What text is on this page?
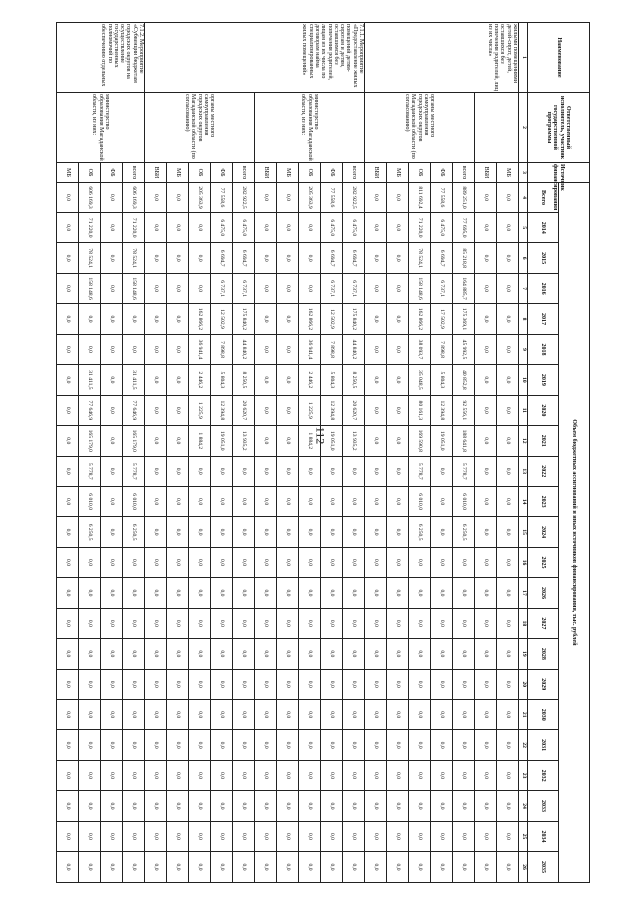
112
Наименование	Ответственный исполнитель, участник государственной программы	Источник финансирования	Объем бюджетных ассигнований и иных источников финансирования, тыс. рублей																						
			Всего	2014	2015	2016	2017	2018	2019	2020	2021	2022	2023	2024	2025	2026	2027	2028	2029	2030	2031	2032	2033	2034	2035
1	2	3	4	5	6	7	8	9	10	11	12	13	14	15	16	17	18	19	20	21	22	23	24	25	26
жилыми помещениями детей-сирот, детей, оставшихся без попечения родителей, лиц из их числа»		МБ	0,0	0,0	0,0	0,0	0,0	0,0	0,0	0,0	0,0	0,0	0,0	0,0	0,0	0,0	0,0	0,0	0,0	0,0	0,0	0,0	0,0	0,0	0,0
		ВБИ	0,0	0,0	0,0	0,0	0,0	0,0	0,0	0,0	0,0	0,0	0,0	0,0	0,0	0,0	0,0	0,0	0,0	0,0	0,0	0,0	0,0	0,0	0,0
	органы местного самоуправления городских округов Магаданской области (по согласованию)	всего	889 251,0	77 695,0	85 218,8	164 885,7	175 369,1	45 992,5	40 852,8	92 556,1	188 641,8	5 778,7	6 010,0	6 250,5	0,0	0,0	0,0	0,0	0,0	0,0	0,0	0,0	0,0	0,0	0,0
		ФБ	77 558,6	6 475,0	6 694,7	6 737,1	17 502,9	7 898,8	5 804,3	12 394,8	19 051,0	0,0	0,0	0,0	0,0	0,0	0,0	0,0	0,0	0,0	0,0	0,0	0,0	0,0	0,0
		ОБ	811 692,4	71 220,0	78 524,1	158 148,6	162 866,2	38 093,7	35 048,5	80 161,3	169 590,8	5 778,7	6 010,0	6 250,5	0,0	0,0	0,0	0,0	0,0	0,0	0,0	0,0	0,0	0,0	0,0
		МБ	0,0	0,0	0,0	0,0	0,0	0,0	0,0	0,0	0,0	0,0	0,0	0,0	0,0	0,0	0,0	0,0	0,0	0,0	0,0	0,0	0,0	0,0	0,0
		ВБИ	0,0	0,0	0,0	0,0	0,0	0,0	0,0	0,0	0,0	0,0	0,0	0,0	0,0	0,0	0,0	0,0	0,0	0,0	0,0	0,0	0,0	0,0	0,0
7.1.1. Мероприятие «Предоставление жилых помещений детям-сиротам и детям, оставшимся без попечения родителей, лицам из их числа по договорам найма специализированных жилых помещений»	министерство образования Магаданской области, из них:	всего	282 922,5	6 475,0	6 694,7	6 737,1	175 840,2	44 840,2	8 250,5	20 620,7	13 935,2	0,0	0,0	0,0	0,0	0,0	0,0	0,0	0,0	0,0	0,0	0,0	0,0	0,0	0,0
		ФБ	77 558,6	6 475,0	6 694,7	6 737,1	12 502,9	7 898,8	5 804,3	12 394,8	19 051,0	0,0	0,0	0,0	0,0	0,0	0,0	0,0	0,0	0,0	0,0	0,0	0,0	0,0	0,0
		ОБ	205 363,9	0,0	0,0	0,0	162 866,2	36 941,4	2 446,2	1 225,9	1 884,2	0,0	0,0	0,0	0,0	0,0	0,0	0,0	0,0	0,0	0,0	0,0	0,0	0,0	0,0
		МБ	0,0	0,0	0,0	0,0	0,0	0,0	0,0	0,0	0,0	0,0	0,0	0,0	0,0	0,0	0,0	0,0	0,0	0,0	0,0	0,0	0,0	0,0	0,0
		ВБИ	0,0	0,0	0,0	0,0	0,0	0,0	0,0	0,0	0,0	0,0	0,0	0,0	0,0	0,0	0,0	0,0	0,0	0,0	0,0	0,0	0,0	0,0	0,0
	органы местного самоуправления городских округов Магаданской области (по согласованию)	всего	282 922,5	6 475,0	6 694,7	6 737,1	175 840,2	44 840,2	8 250,5	20 620,7	13 935,2	0,0	0,0	0,0	0,0	0,0	0,0	0,0	0,0	0,0	0,0	0,0	0,0	0,0	0,0
		ФБ	77 558,6	6 475,0	6 694,7	6 737,1	12 502,9	7 898,8	5 804,3	12 394,8	19 051,0	0,0	0,0	0,0	0,0	0,0	0,0	0,0	0,0	0,0	0,0	0,0	0,0	0,0	0,0
		ОБ	205 363,9	0,0	0,0	0,0	162 866,2	36 941,4	2 446,2	1 225,9	1 884,2	0,0	0,0	0,0	0,0	0,0	0,0	0,0	0,0	0,0	0,0	0,0	0,0	0,0	0,0
		МБ	0,0	0,0	0,0	0,0	0,0	0,0	0,0	0,0	0,0	0,0	0,0	0,0	0,0	0,0	0,0	0,0	0,0	0,0	0,0	0,0	0,0	0,0	0,0
		ВБИ	0,0	0,0	0,0	0,0	0,0	0,0	0,0	0,0	0,0	0,0	0,0	0,0	0,0	0,0	0,0	0,0	0,0	0,0	0,0	0,0	0,0	0,0	0,0
7.1.2. Мероприятие «Субвенции бюджетам городских округов на осуществление государственных полномочий по обеспечению отдельных	министерство образования Магаданской области, из них:	всего	606 169,3	71 220,0	78 524,1	158 148,6	0,0	0,0	31 411,5	77 646,9	165 179,0	5 778,7	6 010,0	6 250,5	0,0	0,0	0,0	0,0	0,0	0,0	0,0	0,0	0,0	0,0	0,0
		ФБ	0,0	0,0	0,0	0,0	0,0	0,0	0,0	0,0	0,0	0,0	0,0	0,0	0,0	0,0	0,0	0,0	0,0	0,0	0,0	0,0	0,0	0,0	0,0
		ОБ	606 169,3	71 220,0	78 524,1	158 148,6	0,0	0,0	31 411,5	77 646,9	165 179,0	5 778,7	6 010,0	6 250,5	0,0	0,0	0,0	0,0	0,0	0,0	0,0	0,0	0,0	0,0	0,0
		МБ	0,0	0,0	0,0	0,0	0,0	0,0	0,0	0,0	0,0	0,0	0,0	0,0	0,0	0,0	0,0	0,0	0,0	0,0	0,0	0,0	0,0	0,0	0,0
